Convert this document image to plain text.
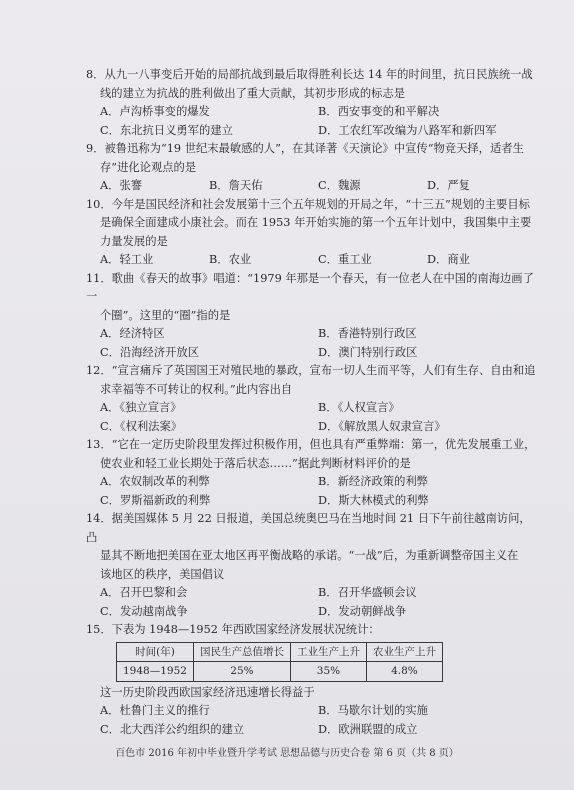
8．从九一八事变后开始的局部抗战到最后取得胜利长达 14 年的时间里，抗日民族统一战
线的建立为抗战的胜利做出了重大贡献，其初步形成的标志是
A．卢沟桥事变的爆发	B．西安事变的和平解决
C．东北抗日义勇军的建立	D．工农红军改编为八路军和新四军
9．被鲁迅称为“19 世纪末最敏感的人”，在其译著《天演论》中宣传“物竞天择，适者生
存”进化论观点的是
A．张謇	B．詹天佑	C．魏源	D．严复
10．今年是国民经济和社会发展第十三个五年规划的开局之年，“十三五”规划的主要目标
是确保全面建成小康社会。而在 1953 年开始实施的第一个五年计划中，我国集中主要
力量发展的是
A．轻工业	B．农业	C．重工业	D．商业
11．歌曲《春天的故事》唱道：“1979 年那是一个春天，有一位老人在中国的南海边画了一
个圈”。这里的“圈”指的是
A．经济特区	B．香港特别行政区
C．沿海经济开放区	D．澳门特别行政区
12．“宣言痛斥了英国国王对殖民地的暴政，宣布一切人生而平等，人们有生存、自由和追
求幸福等不可转让的权利。”此内容出自
A．《独立宣言》	B．《人权宣言》
C．《权利法案》	D．《解放黑人奴隶宣言》
13．“它在一定历史阶段里发挥过积极作用，但也具有严重弊端：第一，优先发展重工业，
使农业和轻工业长期处于落后状态……”据此判断材料评价的是
A．农奴制改革的利弊	B．新经济政策的利弊
C．罗斯福新政的利弊	D．斯大林模式的利弊
14．据美国媒体 5 月 22 日报道，美国总统奥巴马在当地时间 21 日下午前往越南访问，凸
显其不断地把美国在亚太地区再平衡战略的承诺。“一战”后，为重新调整帝国主义在
该地区的秩序，美国倡议
A．召开巴黎和会	B．召开华盛顿会议
C．发动越南战争	D．发动朝鲜战争
15．下表为 1948—1952 年西欧国家经济发展状况统计：
时间(年)	国民生产总值增长	工业生产上升	农业生产上升
1948—1952	25%	35%	4.8%
这一历史阶段西欧国家经济迅速增长得益于
A．杜鲁门主义的推行	B．马歇尔计划的实施
C．北大西洋公约组织的建立	D．欧洲联盟的成立
百色市 2016 年初中毕业暨升学考试 思想品德与历史合卷 第 6 页（共 8 页）
